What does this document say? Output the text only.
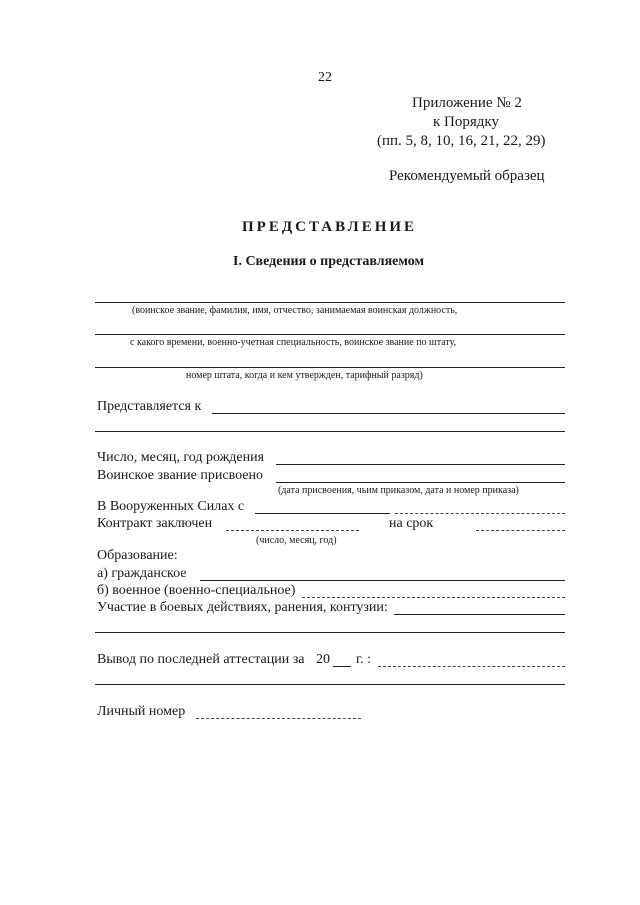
22
Приложение № 2
к Порядку
(пп. 5, 8, 10, 16, 21, 22, 29)
Рекомендуемый образец
ПРЕДСТАВЛЕНИЕ
I. Сведения о представляемом
(воинское звание, фамилия, имя, отчество, занимаемая воинская должность,
с какого времени, военно-учетная специальность, воинское звание по штату,
номер штата, когда и кем утвержден, тарифный разряд)
Представляется к
Число, месяц, год рождения
Воинское звание присвоено
(дата присвоения, чьим приказом, дата и номер приказа)
В Вооруженных Силах с
Контракт заключен	на срок
(число, месяц, год)
Образование:
а) гражданское
б) военное (военно-специальное)
Участие в боевых действиях, ранения, контузии:
Вывод по последней аттестации за 20 г. :
Личный номер
